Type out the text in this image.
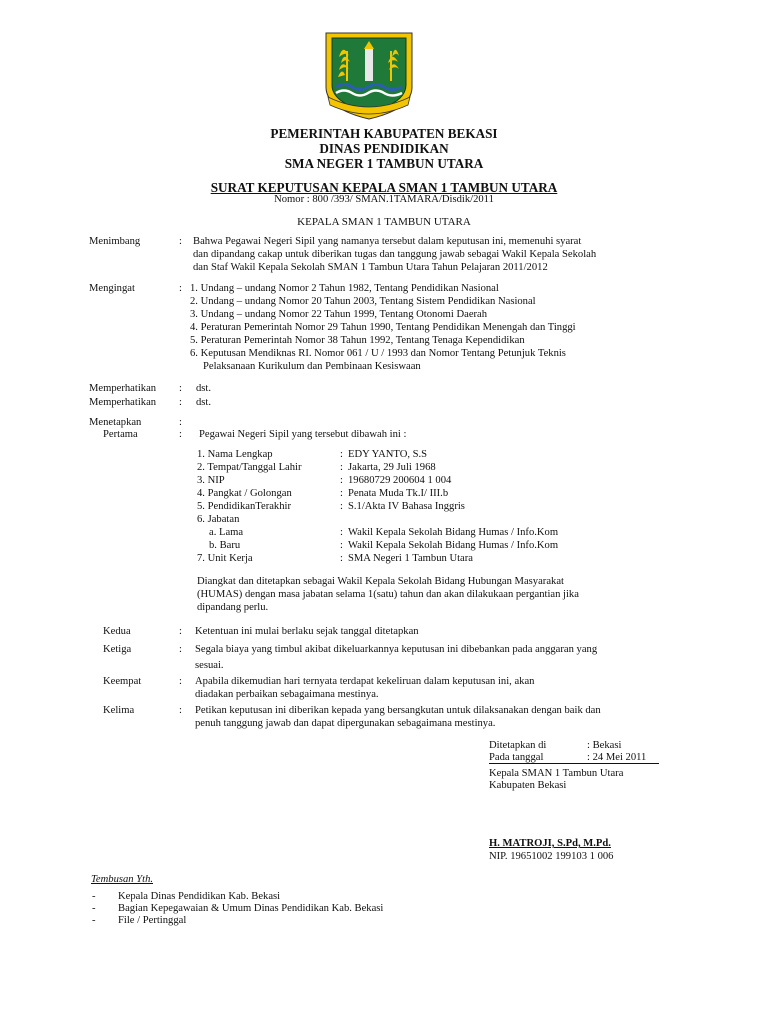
SWATANTRA WIBAWA MUKTI
PEMERINTAH KABUPATEN BEKASI
DINAS PENDIDIKAN
SMA NEGER 1 TAMBUN UTARA
SURAT KEPUTUSAN KEPALA SMAN 1 TAMBUN UTARA
Nomor : 800 /393/ SMAN.1TAMARA/Disdik/2011
KEPALA SMAN 1 TAMBUN UTARA
Menimbang	: Bahwa Pegawai Negeri Sipil yang namanya tersebut dalam keputusan ini, memenuhi syarat
dan dipandang cakap untuk diberikan tugas dan tanggung jawab sebagai Wakil Kepala Sekolah
dan Staf Wakil Kepala Sekolah SMAN 1 Tambun Utara Tahun Pelajaran 2011/2012
Mengingat	: 1. Undang – undang Nomor 2 Tahun 1982, Tentang Pendidikan Nasional
2. Undang – undang Nomor 20 Tahun 2003, Tentang Sistem Pendidikan Nasional
3. Undang – undang Nomor 22 Tahun 1999, Tentang Otonomi Daerah
4. Peraturan Pemerintah Nomor 29 Tahun 1990, Tentang Pendidikan Menengah dan Tinggi
5. Peraturan Pemerintah Nomor 38 Tahun 1992, Tentang Tenaga Kependidikan
6. Keputusan Mendiknas RI. Nomor 061 / U / 1993 dan Nomor Tentang Petunjuk Teknis
Pelaksanaan Kurikulum dan Pembinaan Kesiswaan
Memperhatikan : dst.
Memperhatikan : dst.
Menetapkan	:
Pertama	: Pegawai Negeri Sipil yang tersebut dibawah ini :
1. Nama Lengkap	: EDY YANTO, S.S
2. Tempat/Tanggal Lahir	: Jakarta, 29 Juli 1968
3. NIP	: 19680729 200604 1 004
4. Pangkat / Golongan	: Penata Muda Tk.I/ III.b
5. PendidikanTerakhir	: S.1/Akta IV Bahasa Inggris
6. Jabatan
a. Lama	: Wakil Kepala Sekolah Bidang Humas / Info.Kom
b. Baru	: Wakil Kepala Sekolah Bidang Humas / Info.Kom
7. Unit Kerja	: SMA Negeri 1 Tambun Utara
Diangkat dan ditetapkan sebagai Wakil Kepala Sekolah Bidang Hubungan Masyarakat
(HUMAS) dengan masa jabatan selama 1(satu) tahun dan akan dilakukaan pergantian jika
dipandang perlu.
Kedua	: Ketentuan ini mulai berlaku sejak tanggal ditetapkan
Ketiga	: Segala biaya yang timbul akibat dikeluarkannya keputusan ini dibebankan pada anggaran yang
sesuai.
Keempat	: Apabila dikemudian hari ternyata terdapat kekeliruan dalam keputusan ini, akan
diadakan perbaikan sebagaimana mestinya.
Kelima	: Petikan keputusan ini diberikan kepada yang bersangkutan untuk dilaksanakan dengan baik dan
penuh tanggung jawab dan dapat dipergunakan sebagaimana mestinya.
Ditetapkan di	: Bekasi
Pada tanggal	: 24 Mei 2011
Kepala SMAN 1 Tambun Utara
Kabupaten Bekasi
H. MATROJI, S.Pd, M.Pd.
NIP. 19651002 199103 1 006
Tembusan Yth.
- Kepala Dinas Pendidikan Kab. Bekasi
- Bagian Kepegawaian & Umum Dinas Pendidikan Kab. Bekasi
- File / Pertinggal
